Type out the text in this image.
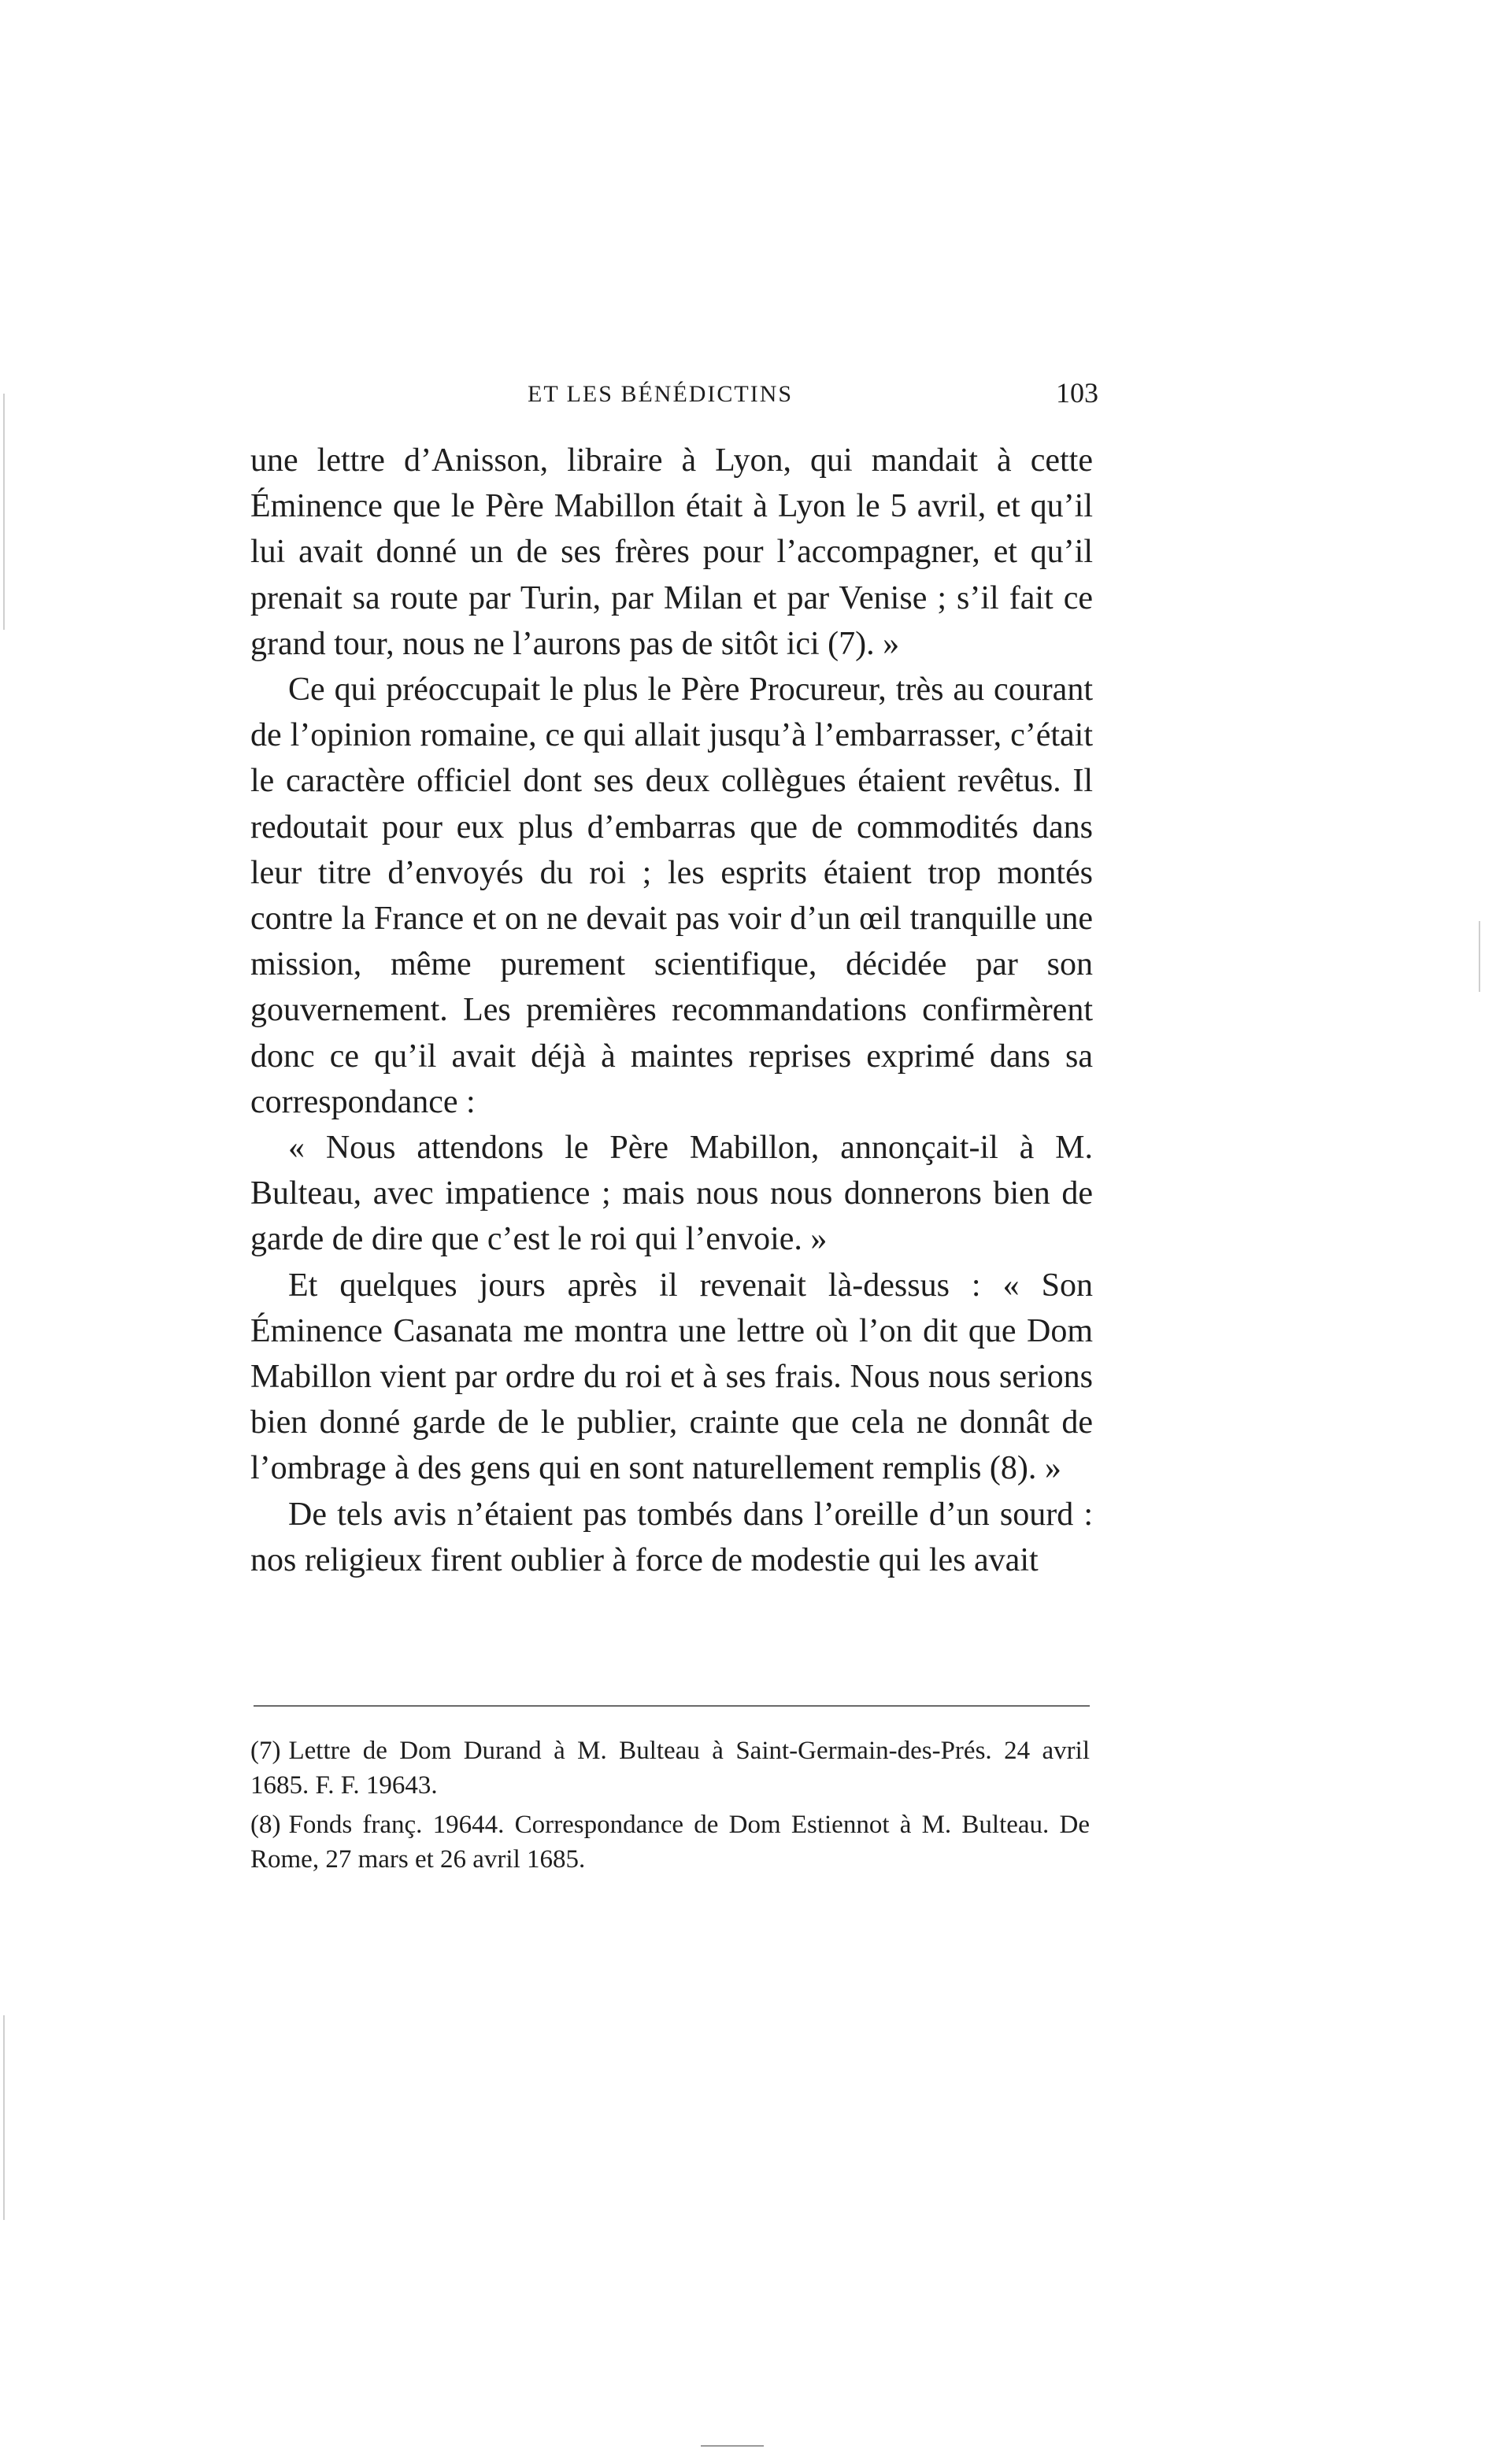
ET LES BÉNÉDICTINS	103

une lettre d’Anisson, libraire à Lyon, qui mandait à cette Éminence que le Père Mabillon était à Lyon le 5 avril, et qu’il lui avait donné un de ses frères pour l’accompagner, et qu’il prenait sa route par Turin, par Milan et par Venise ; s’il fait ce grand tour, nous ne l’aurons pas de sitôt ici (7). »

Ce qui préoccupait le plus le Père Procureur, très au courant de l’opinion romaine, ce qui allait jusqu’à l’embarrasser, c’était le caractère officiel dont ses deux collègues étaient revêtus. Il redoutait pour eux plus d’embarras que de commodités dans leur titre d’envoyés du roi ; les esprits étaient trop montés contre la France et on ne devait pas voir d’un œil tranquille une mission, même purement scientifique, décidée par son gouvernement. Les premières recommandations confirmèrent donc ce qu’il avait déjà à maintes reprises exprimé dans sa correspondance :

« Nous attendons le Père Mabillon, annonçait-il à M. Bulteau, avec impatience ; mais nous nous donnerons bien de garde de dire que c’est le roi qui l’envoie. »

Et quelques jours après il revenait là-dessus : « Son Éminence Casanata me montra une lettre où l’on dit que Dom Mabillon vient par ordre du roi et à ses frais. Nous nous serions bien donné garde de le publier, crainte que cela ne donnât de l’ombrage à des gens qui en sont naturellement remplis (8). »

De tels avis n’étaient pas tombés dans l’oreille d’un sourd : nos religieux firent oublier à force de modestie qui les avait

(7) Lettre de Dom Durand à M. Bulteau à Saint-Germain-des-Prés. 24 avril 1685. F. F. 19643.

(8) Fonds franç. 19644. Correspondance de Dom Estiennot à M. Bulteau. De Rome, 27 mars et 26 avril 1685.
